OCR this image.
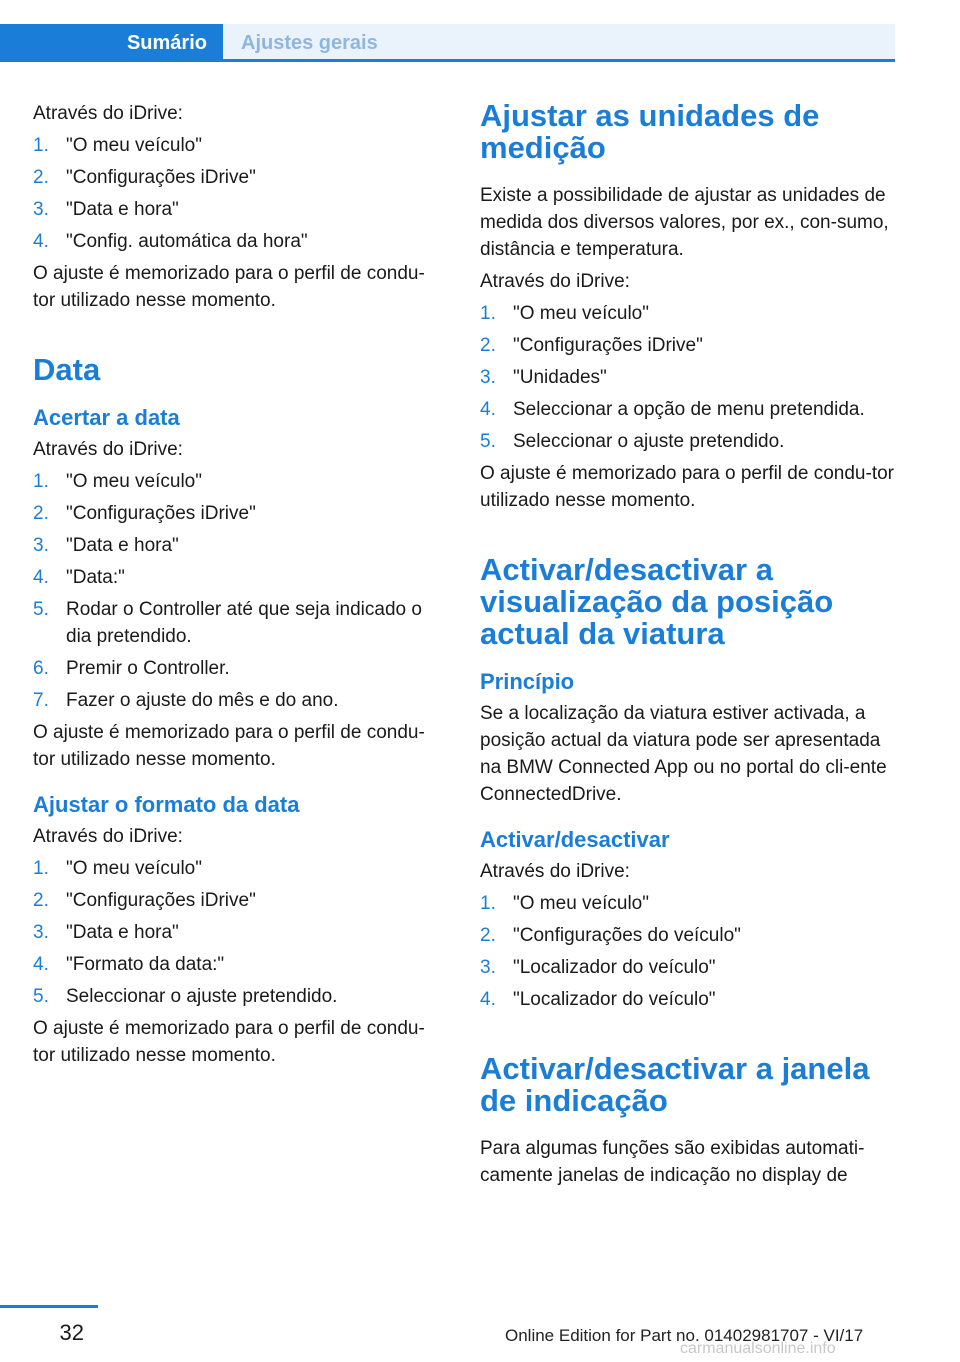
Sumário	Ajustes gerais

Através do iDrive:

1. "O meu veículo"
2. "Configurações iDrive"
3. "Data e hora"
4. "Config. automática da hora"

O ajuste é memorizado para o perfil de condu-tor utilizado nesse momento.

Data
Acertar a data

Através do iDrive:

1. "O meu veículo"
2. "Configurações iDrive"
3. "Data e hora"
4. "Data:"
5. Rodar o Controller até que seja indicado o dia pretendido.
6. Premir o Controller.
7. Fazer o ajuste do mês e do ano.

O ajuste é memorizado para o perfil de condu-tor utilizado nesse momento.

Ajustar o formato da data

Através do iDrive:

1. "O meu veículo"
2. "Configurações iDrive"
3. "Data e hora"
4. "Formato da data:"
5. Seleccionar o ajuste pretendido.

O ajuste é memorizado para o perfil de condu-tor utilizado nesse momento.

Ajustar as unidades de medição

Existe a possibilidade de ajustar as unidades de medida dos diversos valores, por ex., con-sumo, distância e temperatura.

Através do iDrive:

1. "O meu veículo"
2. "Configurações iDrive"
3. "Unidades"
4. Seleccionar a opção de menu pretendida.
5. Seleccionar o ajuste pretendido.

O ajuste é memorizado para o perfil de condu-tor utilizado nesse momento.

Activar/desactivar a visualização da posição actual da viatura
Princípio

Se a localização da viatura estiver activada, a posição actual da viatura pode ser apresentada na BMW Connected App ou no portal do cli-ente ConnectedDrive.

Activar/desactivar

Através do iDrive:

1. "O meu veículo"
2. "Configurações do veículo"
3. "Localizador do veículo"
4. "Localizador do veículo"
Activar/desactivar a janela de indicação

Para algumas funções são exibidas automati-camente janelas de indicação no display de

32	Online Edition for Part no. 01402981707 - VI/17
carmanualsonline.info
